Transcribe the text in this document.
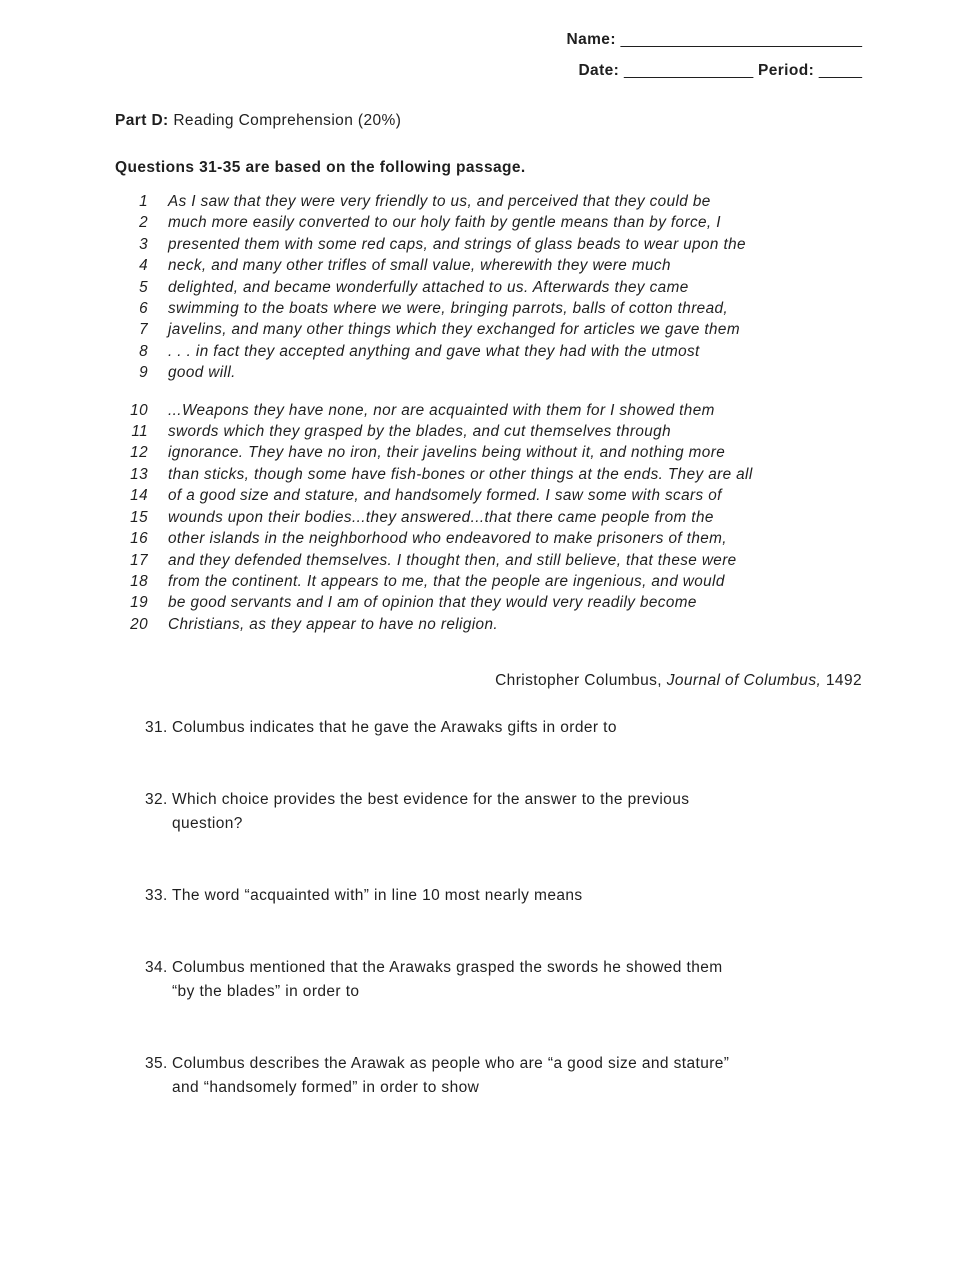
Name: ____________________________
Date: _______________ Period: _____
Part D: Reading Comprehension (20%)
Questions 31-35 are based on the following passage.
1 As I saw that they were very friendly to us, and perceived that they could be
2 much more easily converted to our holy faith by gentle means than by force, I
3 presented them with some red caps, and strings of glass beads to wear upon the
4 neck, and many other trifles of small value, wherewith they were much
5 delighted, and became wonderfully attached to us. Afterwards they came
6 swimming to the boats where we were, bringing parrots, balls of cotton thread,
7 javelins, and many other things which they exchanged for articles we gave them
8 . . . in fact they accepted anything and gave what they had with the utmost
9 good will.
10 ...Weapons they have none, nor are acquainted with them for I showed them
11 swords which they grasped by the blades, and cut themselves through
12 ignorance. They have no iron, their javelins being without it, and nothing more
13 than sticks, though some have fish-bones or other things at the ends. They are all
14 of a good size and stature, and handsomely formed. I saw some with scars of
15 wounds upon their bodies...they answered...that there came people from the
16 other islands in the neighborhood who endeavored to make prisoners of them,
17 and they defended themselves. I thought then, and still believe, that these were
18 from the continent. It appears to me, that the people are ingenious, and would
19 be good servants and I am of opinion that they would very readily become
20 Christians, as they appear to have no religion.
Christopher Columbus, Journal of Columbus, 1492
31. Columbus indicates that he gave the Arawaks gifts in order to
32. Which choice provides the best evidence for the answer to the previous question?
33. The word “acquainted with” in line 10 most nearly means
34. Columbus mentioned that the Arawaks grasped the swords he showed them “by the blades” in order to
35. Columbus describes the Arawak as people who are “a good size and stature” and “handsomely formed” in order to show
